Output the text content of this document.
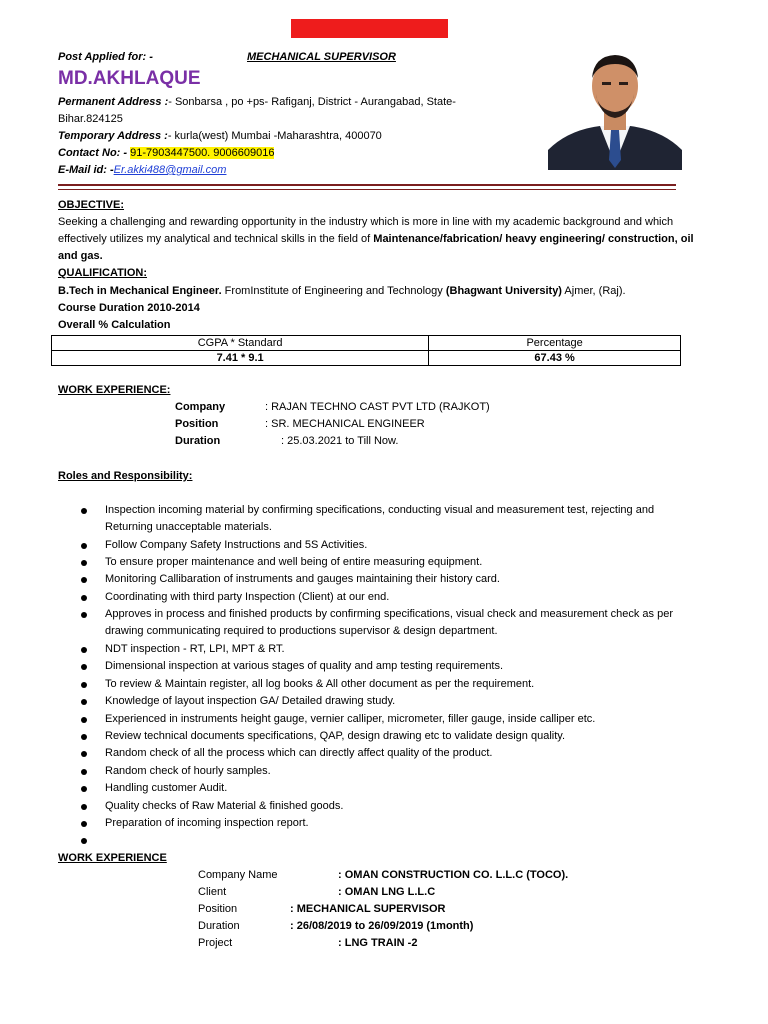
Post Applied for: -	MECHANICAL SUPERVISOR
MD.AKHLAQUE
Permanent Address :- Sonbarsa , po +ps- Rafiganj, District - Aurangabad, State-
Bihar.824125
Temporary Address :- kurla(west) Mumbai -Maharashtra, 400070
Contact No: - 91-7903447500. 9006609016
E-Mail id: -Er.akki488@gmail.com
OBJECTIVE:
Seeking a challenging and rewarding opportunity in the industry which is more in line with my academic background and which
effectively utilizes my analytical and technical skills in the field of Maintenance/fabrication/ heavy engineering/ construction, oil
and gas.
QUALIFICATION:
B.Tech in Mechanical Engineer. FromInstitute of Engineering and Technology (Bhagwant University) Ajmer, (Raj).
Course Duration 2010-2014
Overall % Calculation
CGPA * Standard	Percentage
7.41 * 9.1	67.43 %
WORK EXPERIENCE:
Company	: RAJAN TECHNO CAST PVT LTD (RAJKOT)
Position	: SR. MECHANICAL ENGINEER
Duration	: 25.03.2021 to Till Now.
Roles and Responsibility:
Inspection incoming material by confirming specifications, conducting visual and measurement test, rejecting and
Returning unacceptable materials.
Follow Company Safety Instructions and 5S Activities.
To ensure proper maintenance and well being of entire measuring equipment.
Monitoring Callibaration of instruments and gauges maintaining their history card.
Coordinating with third party Inspection (Client) at our end.
Approves in process and finished products by confirming specifications, visual check and measurement check as per
drawing communicating required to productions supervisor & design department.
NDT inspection - RT, LPI, MPT & RT.
Dimensional inspection at various stages of quality and amp testing requirements.
To review & Maintain register, all log books & All other document as per the requirement.
Knowledge of layout inspection GA/ Detailed drawing study.
Experienced in instruments height gauge, vernier calliper, micrometer, filler gauge, inside calliper etc.
Review technical documents specifications, QAP, design drawing etc to validate design quality.
Random check of all the process which can directly affect quality of the product.
Random check of hourly samples.
Handling customer Audit.
Quality checks of Raw Material & finished goods.
Preparation of incoming inspection report.
WORK EXPERIENCE
Company Name	: OMAN CONSTRUCTION CO. L.L.C (TOCO).
Client	: OMAN LNG L.L.C
Position	: MECHANICAL SUPERVISOR
Duration	: 26/08/2019 to 26/09/2019 (1month)
Project	: LNG TRAIN -2
